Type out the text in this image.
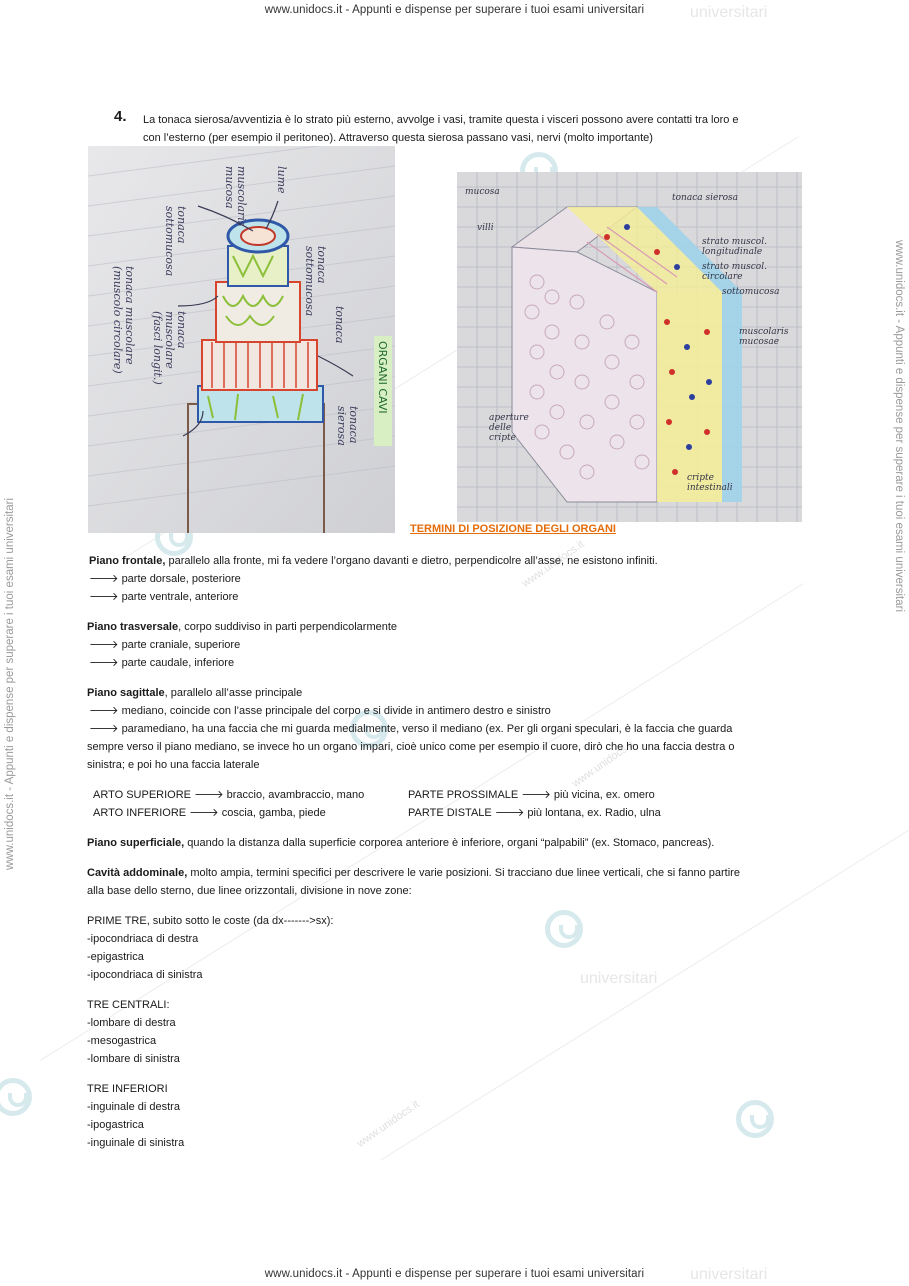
www.unidocs.it - Appunti e dispense per superare i tuoi esami universitari
www.unidocs.it - Appunti e dispense per superare i tuoi esami universitari
www.unidocs.it - Appunti e dispense per superare i tuoi esami universitari
www.unidocs.it - Appunti e dispense per superare i tuoi esami universitari
www.unidocs.it
www.unidocs.it
www.unidocs.it
4. La tonaca sierosa/avventizia è lo strato più esterno, avvolge i vasi, tramite questa i visceri possono avere contatti tra loro e
con l’esterno (per esempio il peritoneo). Attraverso questa sierosa passano vasi, nervi (molto importante)
lume
muscolaris
mucosa
tonaca
sottomucosa	tonaca
sottomucosa
tonaca
muscolare
(fasci longit.)
tonaca muscolare
(muscolo circolare)
tonaca
sierosa
tonaca
ORGANI CAVI
mucosa
tonaca sierosa
villi
strato muscol.
longitudinale
strato muscol.
circolare
sottomucosa
muscolaris
mucosae
aperture
delle
cripte
cripte
intestinali
TERMINI DI POSIZIONE DEGLI ORGANI
Piano frontale, parallelo alla fronte, mi fa vedere l’organo davanti e dietro, perpendicolre all’asse, ne esistono infiniti.
🡒 parte dorsale, posteriore
🡒 parte ventrale, anteriore
Piano trasversale, corpo suddiviso in parti perpendicolarmente
🡒 parte craniale, superiore
🡒 parte caudale, inferiore
Piano sagittale, parallelo all’asse principale
🡒 mediano, coincide con l’asse principale del corpo e si divide in antimero destro e sinistro
🡒 paramediano, ha una faccia che mi guarda medialmente, verso il mediano (ex. Per gli organi speculari, è la faccia che guarda
sempre verso il piano mediano, se invece ho un organo impari, cioè unico come per esempio il cuore, dirò che ho una faccia destra o
sinistra; e poi ho una faccia laterale
ARTO SUPERIORE 🡒 braccio, avambraccio, mano
ARTO INFERIORE 🡒 coscia, gamba, piede
PARTE PROSSIMALE 🡒 più vicina, ex. omero
PARTE DISTALE 🡒 più lontana, ex. Radio, ulna
Piano superficiale, quando la distanza dalla superficie corporea anteriore è inferiore, organi “palpabili” (ex. Stomaco, pancreas).
Cavità addominale, molto ampia, termini specifici per descrivere le varie posizioni. Si tracciano due linee verticali, che si fanno partire
alla base dello sterno, due linee orizzontali, divisione in nove zone:
PRIME TRE, subito sotto le coste (da dx------->sx):
-ipocondriaca di destra
-epigastrica
-ipocondriaca di sinistra
TRE CENTRALI:
-lombare di destra
-mesogastrica
-lombare di sinistra
TRE INFERIORI
-inguinale di destra
-ipogastrica
-inguinale di sinistra
universitari
universitari
universitari
